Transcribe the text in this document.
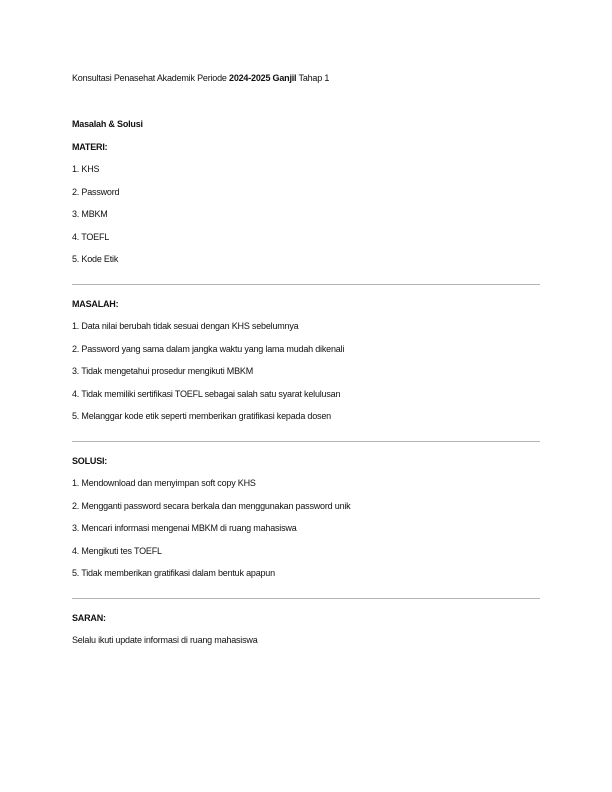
Konsultasi Penasehat Akademik Periode 2024-2025 Ganjil Tahap 1
Masalah & Solusi
MATERI:
1. KHS
2. Password
3. MBKM
4. TOEFL
5. Kode Etik
MASALAH:
1. Data nilai berubah tidak sesuai dengan KHS sebelumnya
2. Password yang sama dalam jangka waktu yang lama mudah dikenali
3. Tidak mengetahui prosedur mengikuti MBKM
4. Tidak memiliki sertifikasi TOEFL sebagai salah satu syarat kelulusan
5. Melanggar kode etik seperti memberikan gratifikasi kepada dosen
SOLUSI:
1. Mendownload dan menyimpan soft copy KHS
2. Mengganti password secara berkala dan menggunakan password unik
3. Mencari informasi mengenai MBKM di ruang mahasiswa
4. Mengikuti tes TOEFL
5. Tidak memberikan gratifikasi dalam bentuk apapun
SARAN:
Selalu ikuti update informasi di ruang mahasiswa
